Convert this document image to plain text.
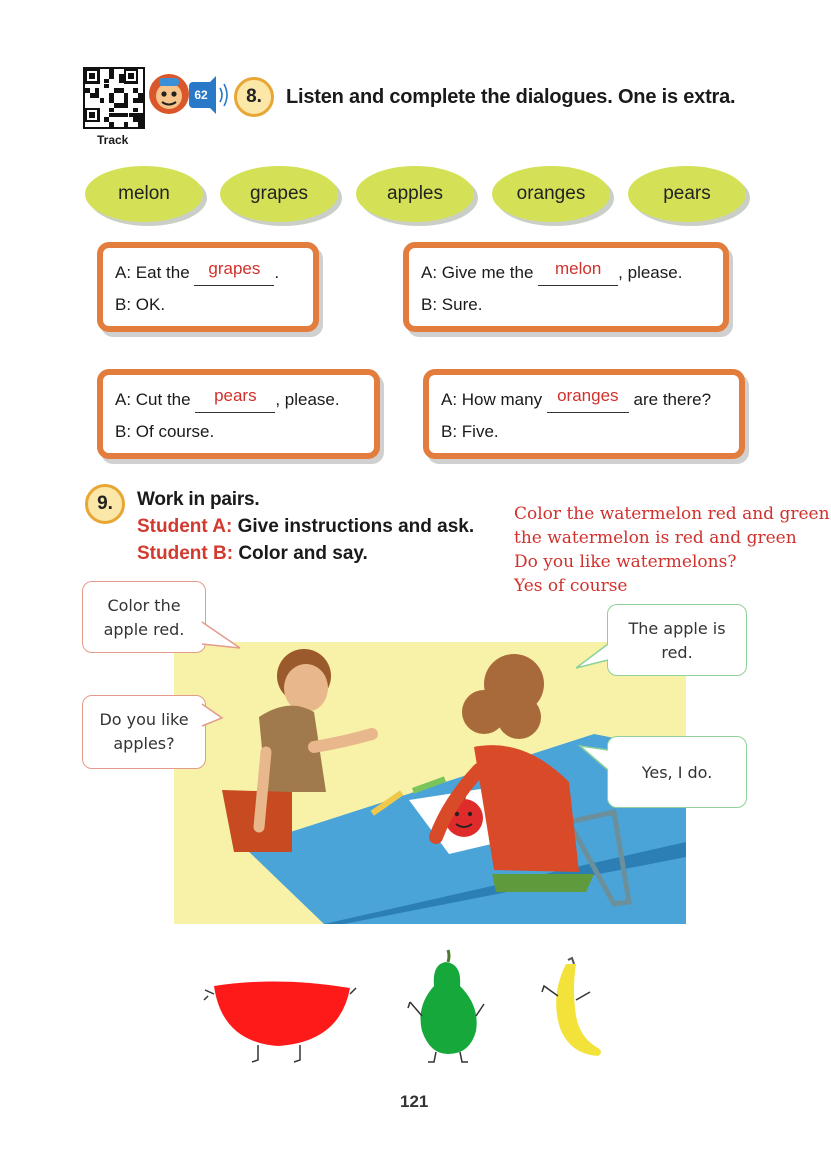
Track
62	8.	Listen and complete the dialogues. One is extra.
melon	grapes	apples	oranges	pears
A: Eat the grapes .
B: OK.
A: Give me the melon , please.
B: Sure.
A: Cut the pears , please.
B: Of course.
A: How many oranges are there?
B: Five.
9.	Work in pairs.
Student A: Give instructions and ask.
Student B: Color and say.
Color the watermelon red and green
the watermelon is red and green
Do you like watermelons?
Yes of course
Color the
apple red.
Do you like
apples?
The apple is
red.
Yes, I do.
121
